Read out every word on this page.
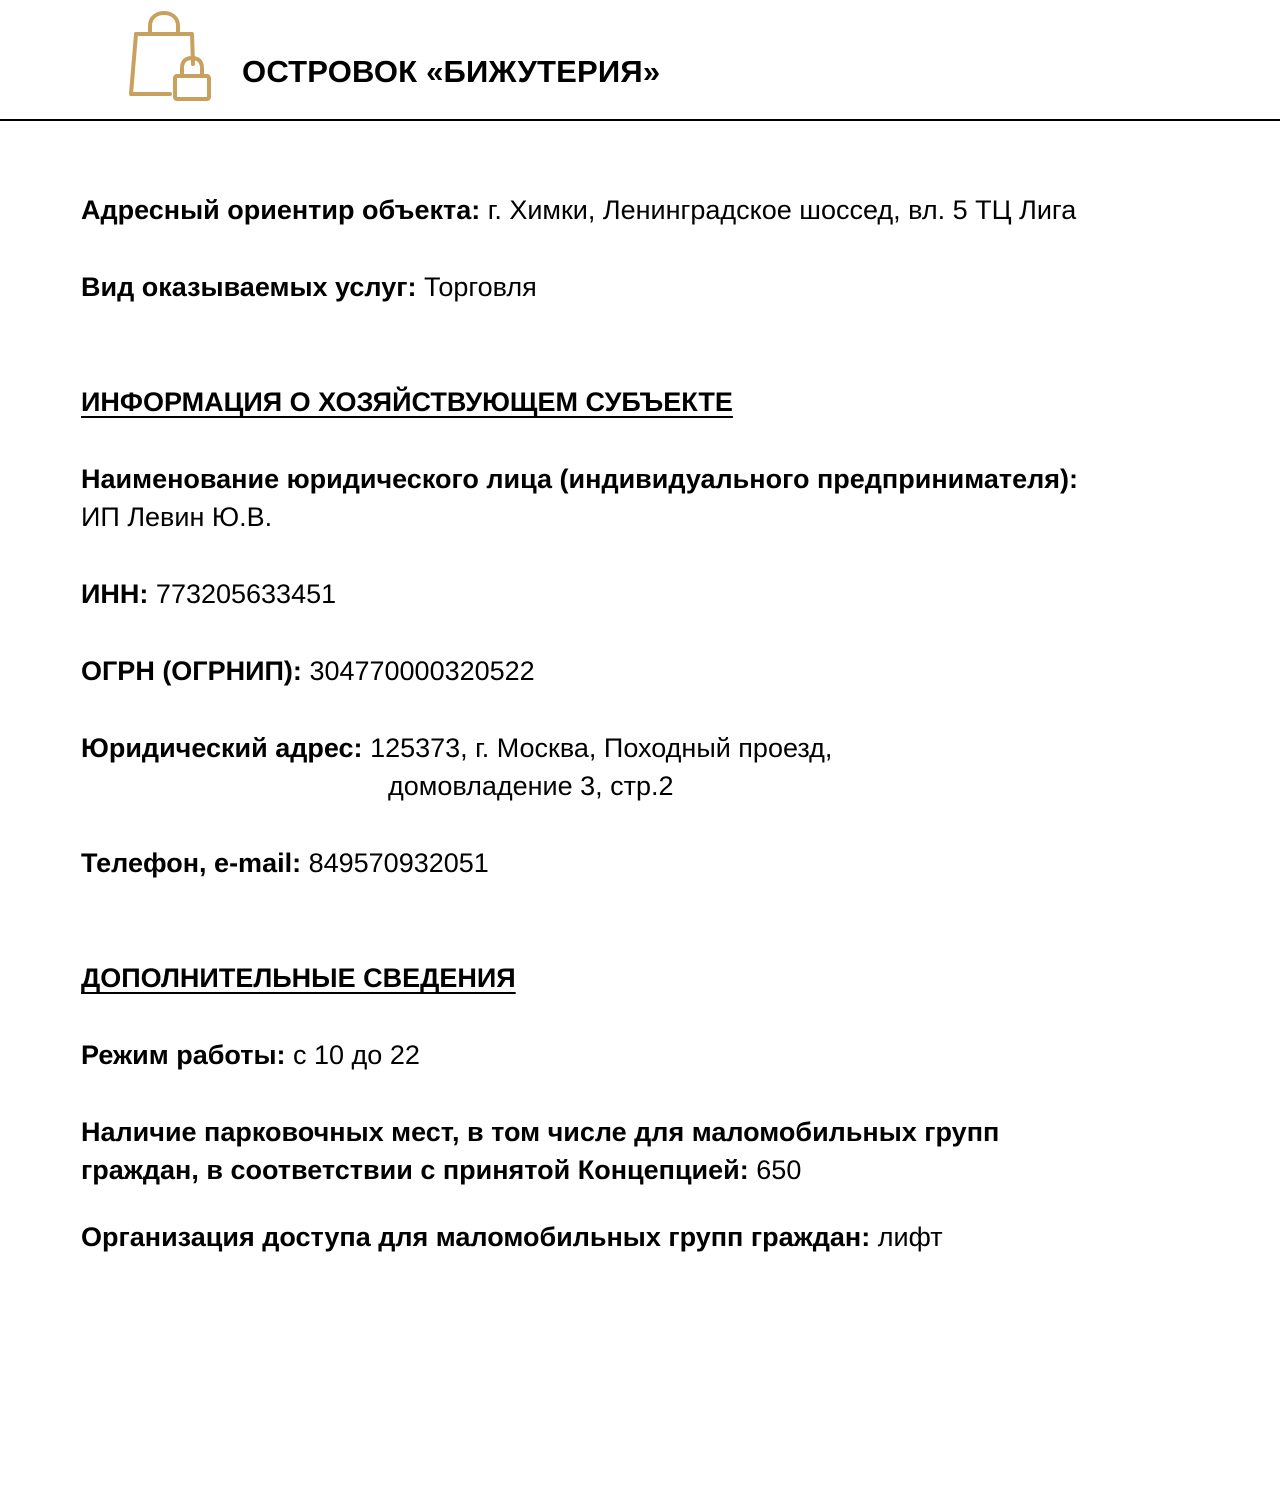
ОСТРОВОК «БИЖУТЕРИЯ»
Адресный ориентир объекта: г. Химки, Ленинградское шоссед, вл. 5 ТЦ Лига
Вид оказываемых услуг: Торговля
ИНФОРМАЦИЯ О ХОЗЯЙСТВУЮЩЕМ СУБЪЕКТЕ
Наименование юридического лица (индивидуального предпринимателя):
ИП Левин Ю.В.
ИНН: 773205633451
ОГРН (ОГРНИП): 304770000320522
Юридический адрес: 125373, г. Москва, Походный проезд,
домовладение 3, стр.2
Телефон, e-mail: 849570932051
ДОПОЛНИТЕЛЬНЫЕ СВЕДЕНИЯ
Режим работы: с 10 до 22
Наличие парковочных мест, в том числе для маломобильных групп
граждан, в соответствии с принятой Концепцией: 650
Организация доступа для маломобильных групп граждан: лифт
